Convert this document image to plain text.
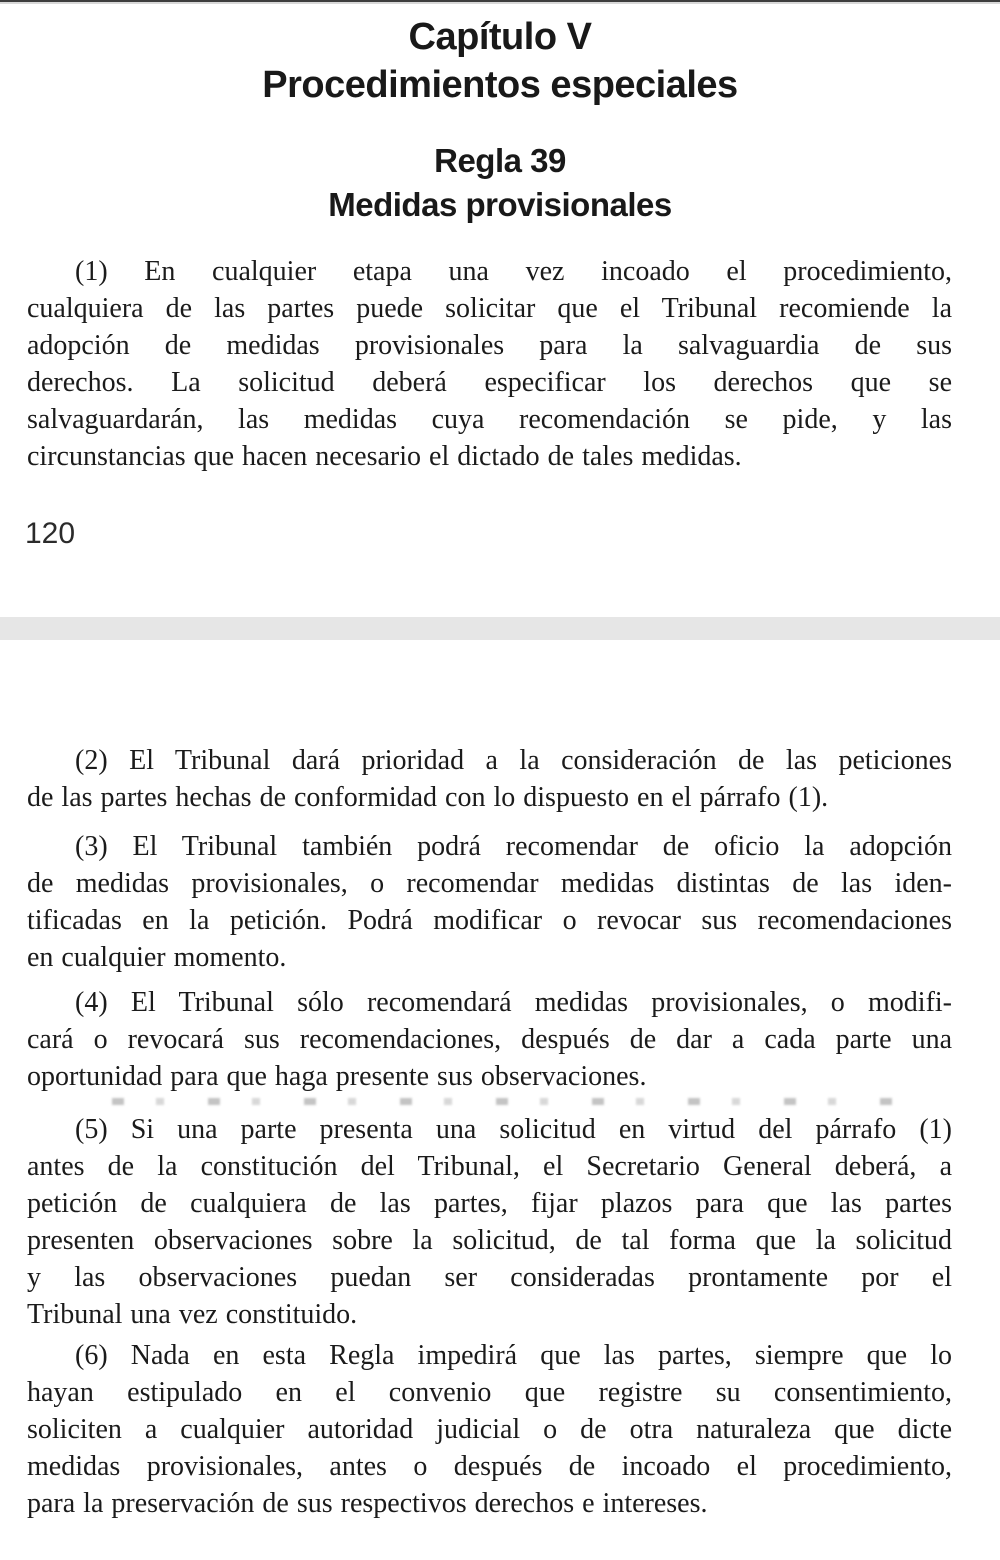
Capítulo V
Procedimientos especiales
Regla 39
Medidas provisionales
(1) En cualquier etapa una vez incoado el procedimiento,
cualquiera de las partes puede solicitar que el Tribunal recomiende la
adopción de medidas provisionales para la salvaguardia de sus
derechos. La solicitud deberá especificar los derechos que se
salvaguardarán, las medidas cuya recomendación se pide, y las
circunstancias que hacen necesario el dictado de tales medidas.
120
(2) El Tribunal dará prioridad a la consideración de las peticiones
de las partes hechas de conformidad con lo dispuesto en el párrafo (1).
(3) El Tribunal también podrá recomendar de oficio la adopción
de medidas provisionales, o recomendar medidas distintas de las iden-
tificadas en la petición. Podrá modificar o revocar sus recomendaciones
en cualquier momento.
(4) El Tribunal sólo recomendará medidas provisionales, o modifi-
cará o revocará sus recomendaciones, después de dar a cada parte una
oportunidad para que haga presente sus observaciones.
(5) Si una parte presenta una solicitud en virtud del párrafo (1)
antes de la constitución del Tribunal, el Secretario General deberá, a
petición de cualquiera de las partes, fijar plazos para que las partes
presenten observaciones sobre la solicitud, de tal forma que la solicitud
y las observaciones puedan ser consideradas prontamente por el
Tribunal una vez constituido.
(6) Nada en esta Regla impedirá que las partes, siempre que lo
hayan estipulado en el convenio que registre su consentimiento,
soliciten a cualquier autoridad judicial o de otra naturaleza que dicte
medidas provisionales, antes o después de incoado el procedimiento,
para la preservación de sus respectivos derechos e intereses.
